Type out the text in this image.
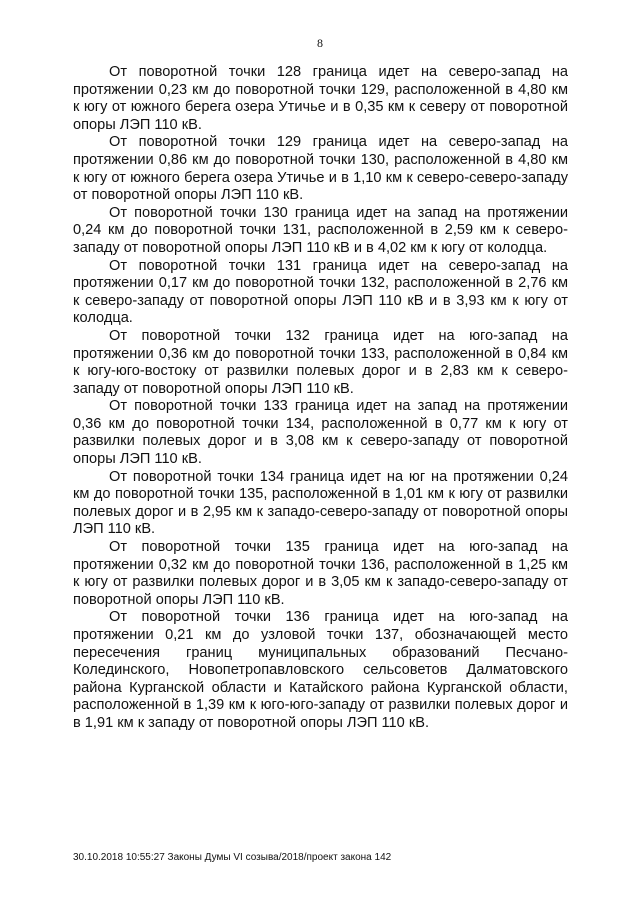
8

От поворотной точки 128 граница идет на северо-запад на протяжении 0,23 км до поворотной точки 129, расположенной в 4,80 км к югу от южного берега озера Утичье и в 0,35 км к северу от поворотной опоры ЛЭП 110 кВ.

От поворотной точки 129 граница идет на северо-запад на протяжении 0,86 км до поворотной точки 130, расположенной в 4,80 км к югу от южного берега озера Утичье и в 1,10 км к северо-северо-западу от поворотной опоры ЛЭП 110 кВ.

От поворотной точки 130 граница идет на запад на протяжении 0,24 км до поворотной точки 131, расположенной в 2,59 км к северо-западу от поворотной опоры ЛЭП 110 кВ и в 4,02 км к югу от колодца.

От поворотной точки 131 граница идет на северо-запад на протяжении 0,17 км до поворотной точки 132, расположенной в 2,76 км к северо-западу от поворотной опоры ЛЭП 110 кВ и в 3,93 км к югу от колодца.

От поворотной точки 132 граница идет на юго-запад на протяжении 0,36 км до поворотной точки 133, расположенной в 0,84 км к югу-юго-востоку от развилки полевых дорог и в 2,83 км к северо-западу от поворотной опоры ЛЭП 110 кВ.

От поворотной точки 133 граница идет на запад на протяжении 0,36 км до поворотной точки 134, расположенной в 0,77 км к югу от развилки полевых дорог и в 3,08 км к северо-западу от поворотной опоры ЛЭП 110 кВ.

От поворотной точки 134 граница идет на юг на протяжении 0,24 км до поворотной точки 135, расположенной в 1,01 км к югу от развилки полевых дорог и в 2,95 км к западо-северо-западу от поворотной опоры ЛЭП 110 кВ.

От поворотной точки 135 граница идет на юго-запад на протяжении 0,32 км до поворотной точки 136, расположенной в 1,25 км к югу от развилки полевых дорог и в 3,05 км к западо-северо-западу от поворотной опоры ЛЭП 110 кВ.

От поворотной точки 136 граница идет на юго-запад на протяжении 0,21 км до узловой точки 137, обозначающей место пересечения границ муниципальных образований Песчано-Колединского, Новопетропавловского сельсоветов Далматовского района Курганской области и Катайского района Курганской области, расположенной в 1,39 км к юго-юго-западу от развилки полевых дорог и в 1,91 км к западу от поворотной опоры ЛЭП 110 кВ.

30.10.2018 10:55:27 Законы Думы VI созыва/2018/проект закона 142
